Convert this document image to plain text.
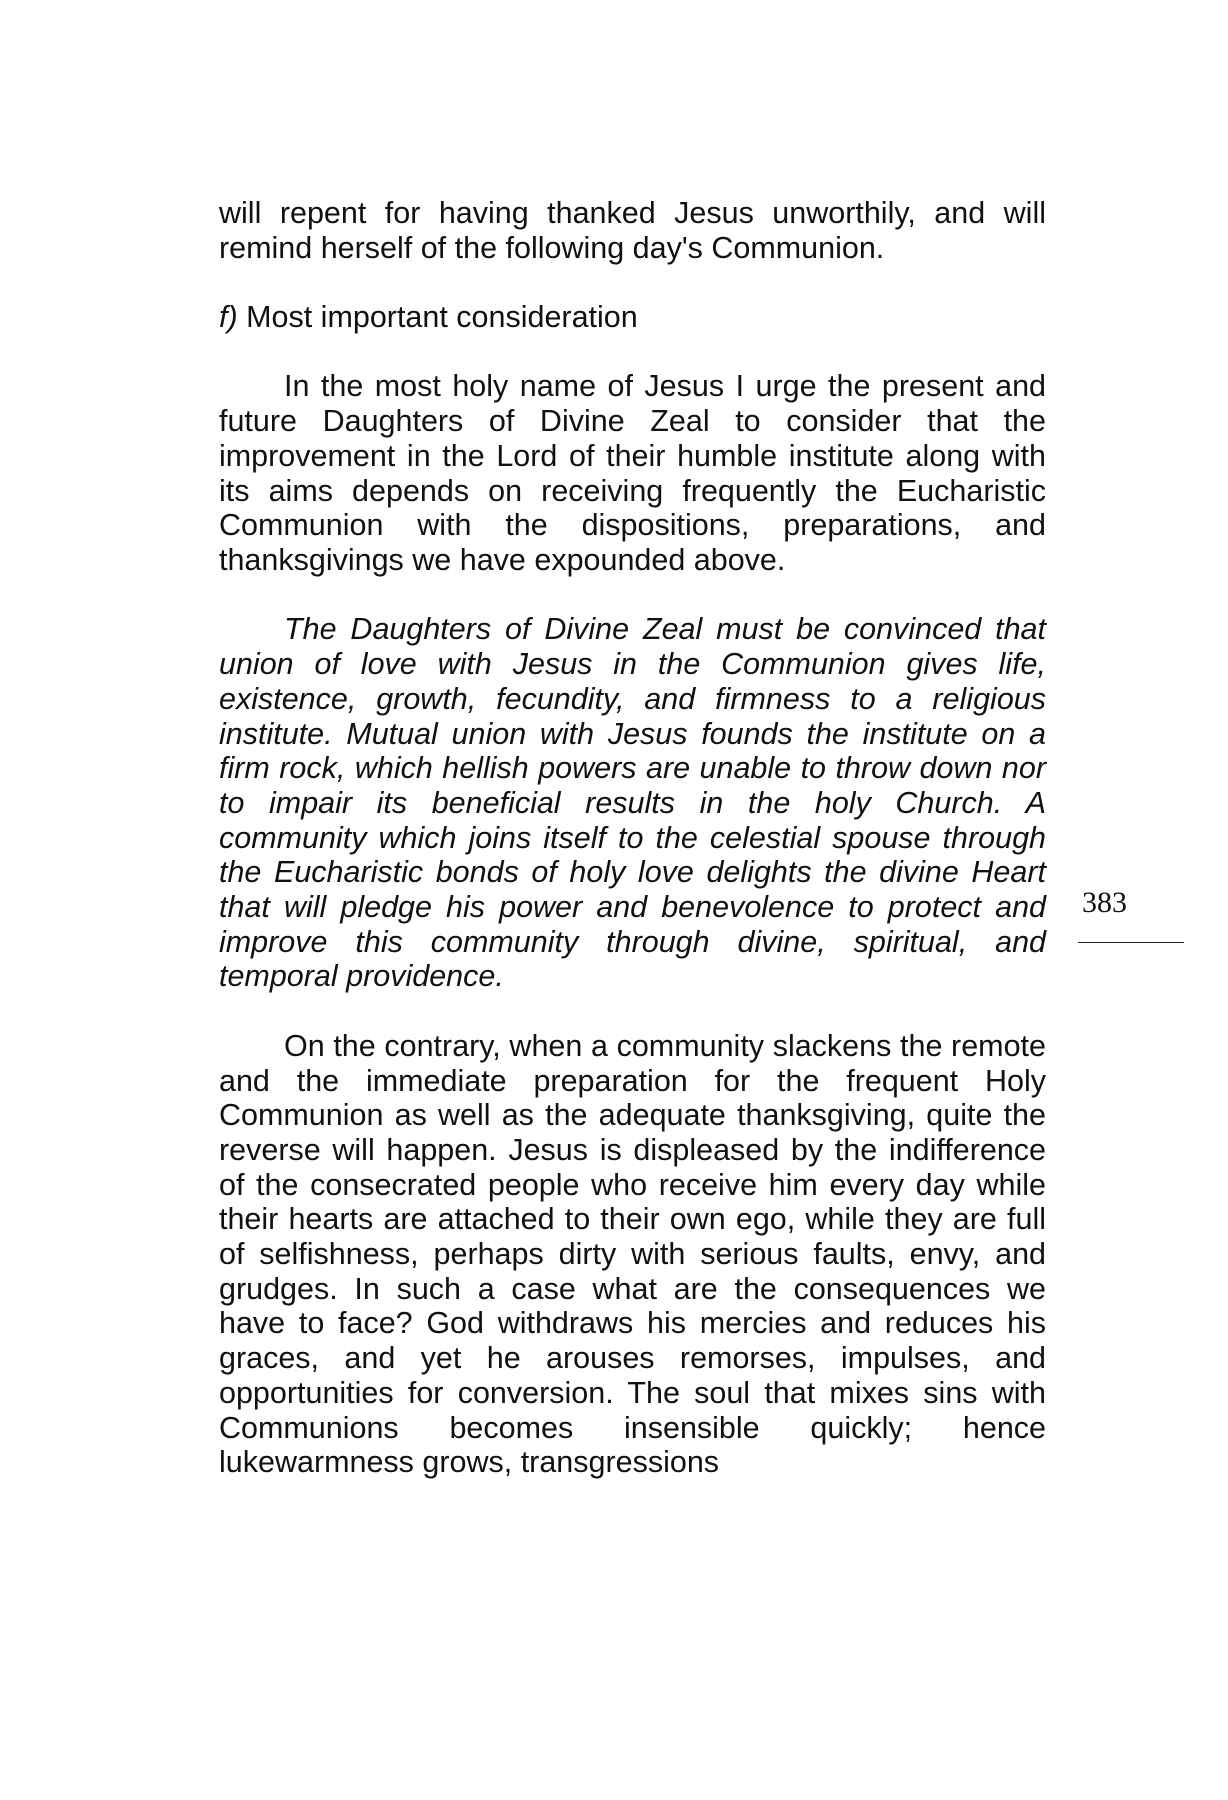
will repent for having thanked Jesus unworthily, and will remind herself of the following day's Communion.

f) Most important consideration

In the most holy name of Jesus I urge the present and future Daughters of Divine Zeal to consider that the improvement in the Lord of their humble institute along with its aims depends on receiving frequently the Eucharistic Communion with the dispositions, preparations, and thanksgivings we have expounded above.

The Daughters of Divine Zeal must be convinced that union of love with Jesus in the Communion gives life, existence, growth, fecundity, and firmness to a religious institute. Mutual union with Jesus founds the institute on a firm rock, which hellish powers are unable to throw down nor to impair its beneficial results in the holy Church. A community which joins itself to the celestial spouse through the Eucharistic bonds of holy love delights the divine Heart that will pledge his power and benevolence to protect and improve this community through divine, spiritual, and temporal providence.

On the contrary, when a community slackens the remote and the immediate preparation for the frequent Holy Communion as well as the adequate thanksgiving, quite the reverse will happen. Jesus is displeased by the indifference of the consecrated people who receive him every day while their hearts are attached to their own ego, while they are full of selfishness, perhaps dirty with serious faults, envy, and grudges. In such a case what are the consequences we have to face? God withdraws his mercies and reduces his graces, and yet he arouses remorses, impulses, and opportunities for conversion. The soul that mixes sins with Communions becomes insensible quickly; hence lukewarmness grows, transgressions

383
